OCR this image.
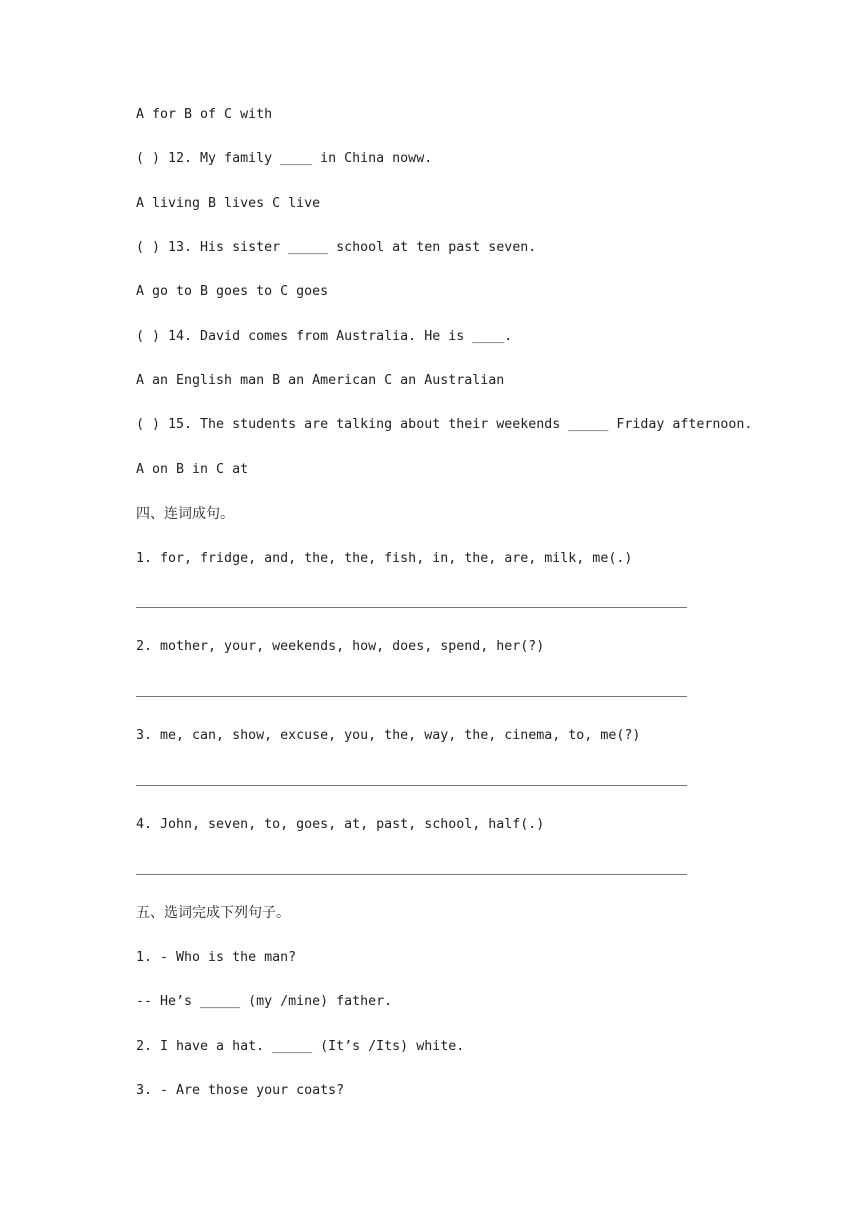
A for B of C with
( ) 12. My family ____ in China noww.
A living B lives C live
( ) 13. His sister _____ school at ten past seven.
A go to B goes to C goes
( ) 14. David comes from Australia. He is ____.
A an English man B an American C an Australian
( ) 15. The students are talking about their weekends _____ Friday afternoon.
A on B in C at
四、连词成句。
1. for, fridge, and, the, the, fish, in, the, are, milk, me(.)
2. mother, your, weekends, how, does, spend, her(?)
3. me, can, show, excuse, you, the, way, the, cinema, to, me(?)
4. John, seven, to, goes, at, past, school, half(.)
五、选词完成下列句子。
1. - Who is the man?
-- He’s _____ (my /mine) father.
2. I have a hat. _____ (It’s /Its) white.
3. - Are those your coats?
